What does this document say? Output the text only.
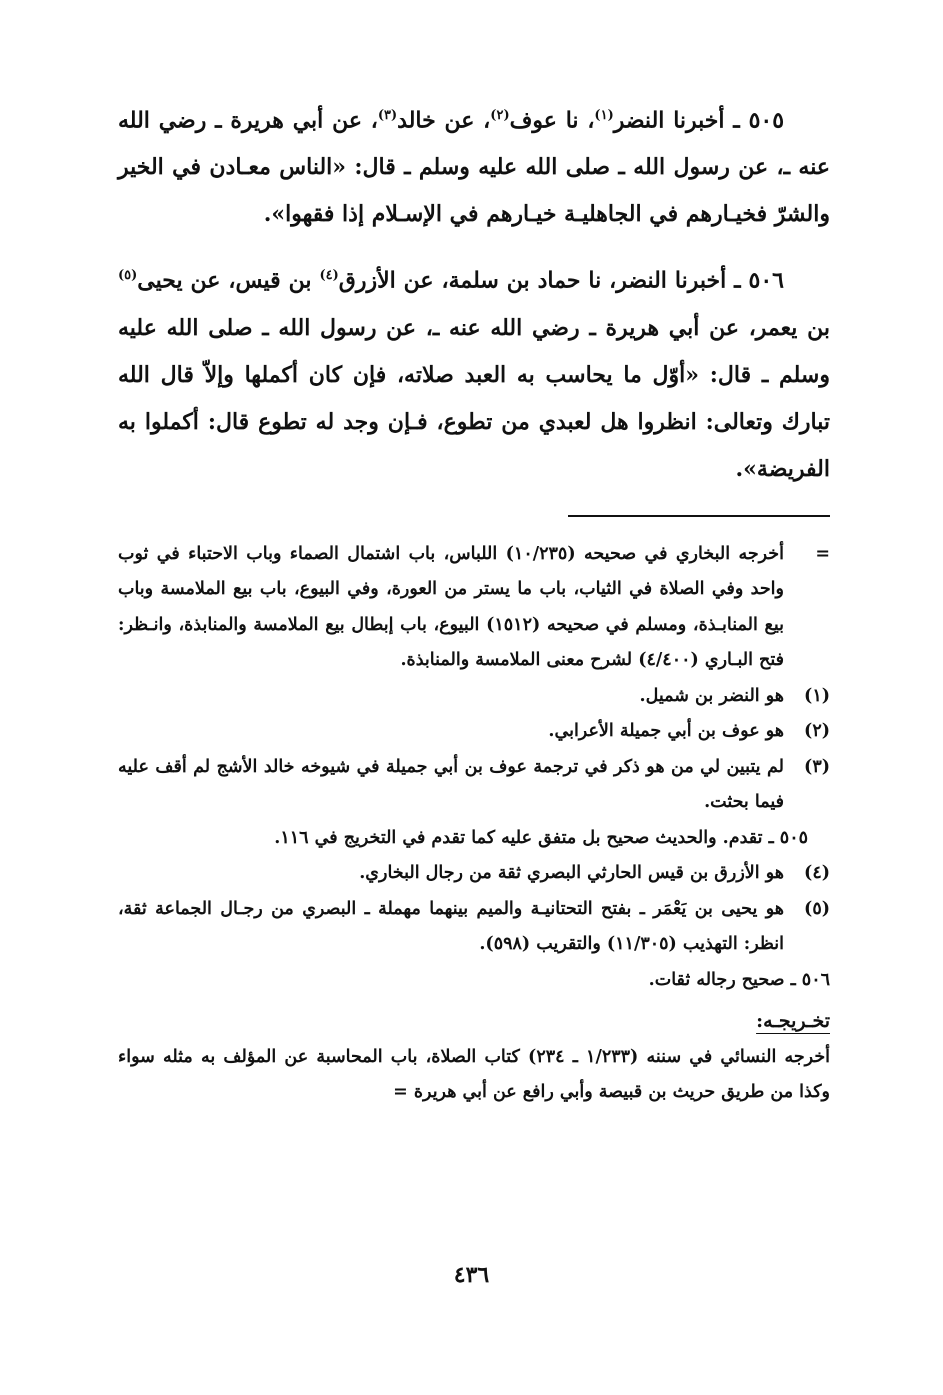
٥٠٥ ـ أخبرنا النضر$^{(١)}$، نا عوف$^{(٢)}$، عن خالد$^{(٣)}$، عن أبي هريرة ـ رضي الله عنه ـ، عن رسول الله ـ صلى الله عليه وسلم ـ قال: «الناس معـادن في الخير والشرّ فخيـارهم في الجاهليـة خيـارهم في الإسـلام إذا فقهوا».

٥٠٦ ـ أخبرنا النضر، نا حماد بن سلمة، عن الأزرق$^{(٤)}$ بن قيس، عن يحيى$^{(٥)}$ بن يعمر، عن أبي هريرة ـ رضي الله عنه ـ، عن رسول الله ـ صلى الله عليه وسلم ـ قال: «أوّل ما يحاسب به العبد صلاته، فإن كان أكملها وإلاّ قال الله تبارك وتعالى: انظروا هل لعبدي من تطوع، فـإن وجد له تطوع قال: أكملوا به الفريضة».

=
أخرجه البخاري في صحيحه (١٠/٢٣٥) اللباس، باب اشتمال الصماء وباب الاحتباء في ثوب واحد وفي الصلاة في الثياب، باب ما يستر من العورة، وفي البيوع، باب بيع الملامسة وباب بيع المنابـذة، ومسلم في صحيحه (١٥١٢) البيوع، باب إبطال بيع الملامسة والمنابذة، وانـظر: فتح البـاري (٤/٤٠٠) لشرح معنى الملامسة والمنابذة.
(١)
هو النضر بن شميل.
(٢)
هو عوف بن أبي جميلة الأعرابي.
(٣)
لم يتبين لي من هو ذكر في ترجمة عوف بن أبي جميلة في شيوخه خالد الأشج لم أقف عليه فيما بحثت.

٥٠٥ ـ تقدم. والحديث صحيح بل متفق عليه كما تقدم في التخريج في ١١٦.

(٤)
هو الأزرق بن قيس الحارثي البصري ثقة من رجال البخاري.
(٥)
هو يحيى بن يَعْمَر ـ بفتح التحتانيـة والميم بينهما مهملة ـ البصري من رجـال الجماعة ثقة، انظر: التهذيب (١١/٣٠٥) والتقريب (٥٩٨).

٥٠٦ ـ صحيح رجاله ثقات.

تخـريجـه:

أخرجه النسائي في سننه (١/٢٣٣ ـ ٢٣٤) كتاب الصلاة، باب المحاسبة عن المؤلف به مثله سواء وكذا من طريق حريث بن قبيصة وأبي رافع عن أبي هريرة =

٤٣٦
